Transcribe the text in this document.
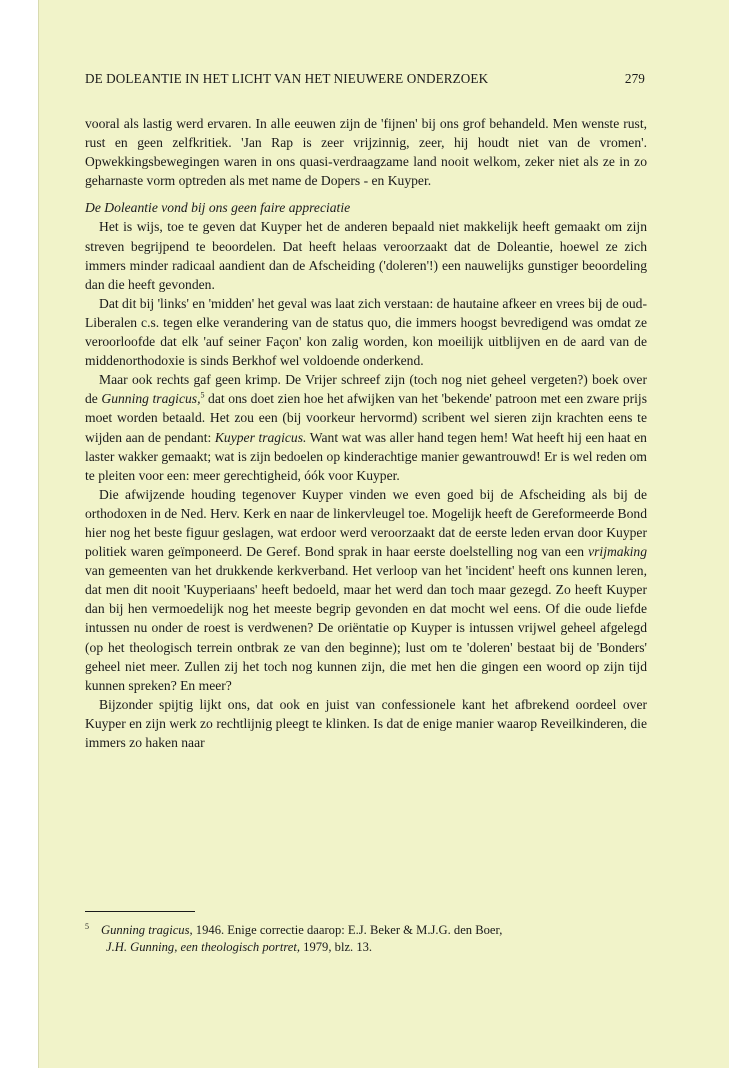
DE DOLEANTIE IN HET LICHT VAN HET NIEUWERE ONDERZOEK	279

vooral als lastig werd ervaren. In alle eeuwen zijn de 'fijnen' bij ons grof behandeld. Men wenste rust, rust en geen zelfkritiek. 'Jan Rap is zeer vrijzinnig, zeer, hij houdt niet van de vromen'. Opwekkingsbewegingen waren in ons quasi-verdraagzame land nooit welkom, zeker niet als ze in zo geharnaste vorm optreden als met name de Dopers - en Kuyper.

De Doleantie vond bij ons geen faire appreciatie

Het is wijs, toe te geven dat Kuyper het de anderen bepaald niet makkelijk heeft gemaakt om zijn streven begrijpend te beoordelen. Dat heeft helaas veroorzaakt dat de Doleantie, hoewel ze zich immers minder radicaal aandient dan de Afscheiding ('doleren'!) een nauwelijks gunstiger beoordeling dan die heeft gevonden.

Dat dit bij 'links' en 'midden' het geval was laat zich verstaan: de hautaine afkeer en vrees bij de oud-Liberalen c.s. tegen elke verandering van de status quo, die immers hoogst bevredigend was omdat ze veroorloofde dat elk 'auf seiner Façon' kon zalig worden, kon moeilijk uitblijven en de aard van de middenorthodoxie is sinds Berkhof wel voldoende onderkend.

Maar ook rechts gaf geen krimp. De Vrijer schreef zijn (toch nog niet geheel vergeten?) boek over de Gunning tragicus,$^5$ dat ons doet zien hoe het afwijken van het 'bekende' patroon met een zware prijs moet worden betaald. Het zou een (bij voorkeur hervormd) scribent wel sieren zijn krachten eens te wijden aan de pendant: Kuyper tragicus. Want wat was aller hand tegen hem! Wat heeft hij een haat en laster wakker gemaakt; wat is zijn bedoelen op kinderachtige manier gewantrouwd! Er is wel reden om te pleiten voor een: meer gerechtigheid, óók voor Kuyper.

Die afwijzende houding tegenover Kuyper vinden we even goed bij de Afscheiding als bij de orthodoxen in de Ned. Herv. Kerk en naar de linkervleugel toe. Mogelijk heeft de Gereformeerde Bond hier nog het beste figuur geslagen, wat erdoor werd veroorzaakt dat de eerste leden ervan door Kuyper politiek waren geïmponeerd. De Geref. Bond sprak in haar eerste doelstelling nog van een vrijmaking van gemeenten van het drukkende kerkverband. Het verloop van het 'incident' heeft ons kunnen leren, dat men dit nooit 'Kuyperiaans' heeft bedoeld, maar het werd dan toch maar gezegd. Zo heeft Kuyper dan bij hen vermoedelijk nog het meeste begrip gevonden en dat mocht wel eens. Of die oude liefde intussen nu onder de roest is verdwenen? De oriëntatie op Kuyper is intussen vrijwel geheel afgelegd (op het theologisch terrein ontbrak ze van den beginne); lust om te 'doleren' bestaat bij de 'Bonders' geheel niet meer. Zullen zij het toch nog kunnen zijn, die met hen die gingen een woord op zijn tijd kunnen spreken? En meer?

Bijzonder spijtig lijkt ons, dat ook en juist van confessionele kant het afbrekend oordeel over Kuyper en zijn werk zo rechtlijnig pleegt te klinken. Is dat de enige manier waarop Reveilkinderen, die immers zo haken naar

$^5$ Gunning tragicus, 1946. Enige correctie daarop: E.J. Beker & M.J.G. den Boer,
J.H. Gunning, een theologisch portret, 1979, blz. 13.
